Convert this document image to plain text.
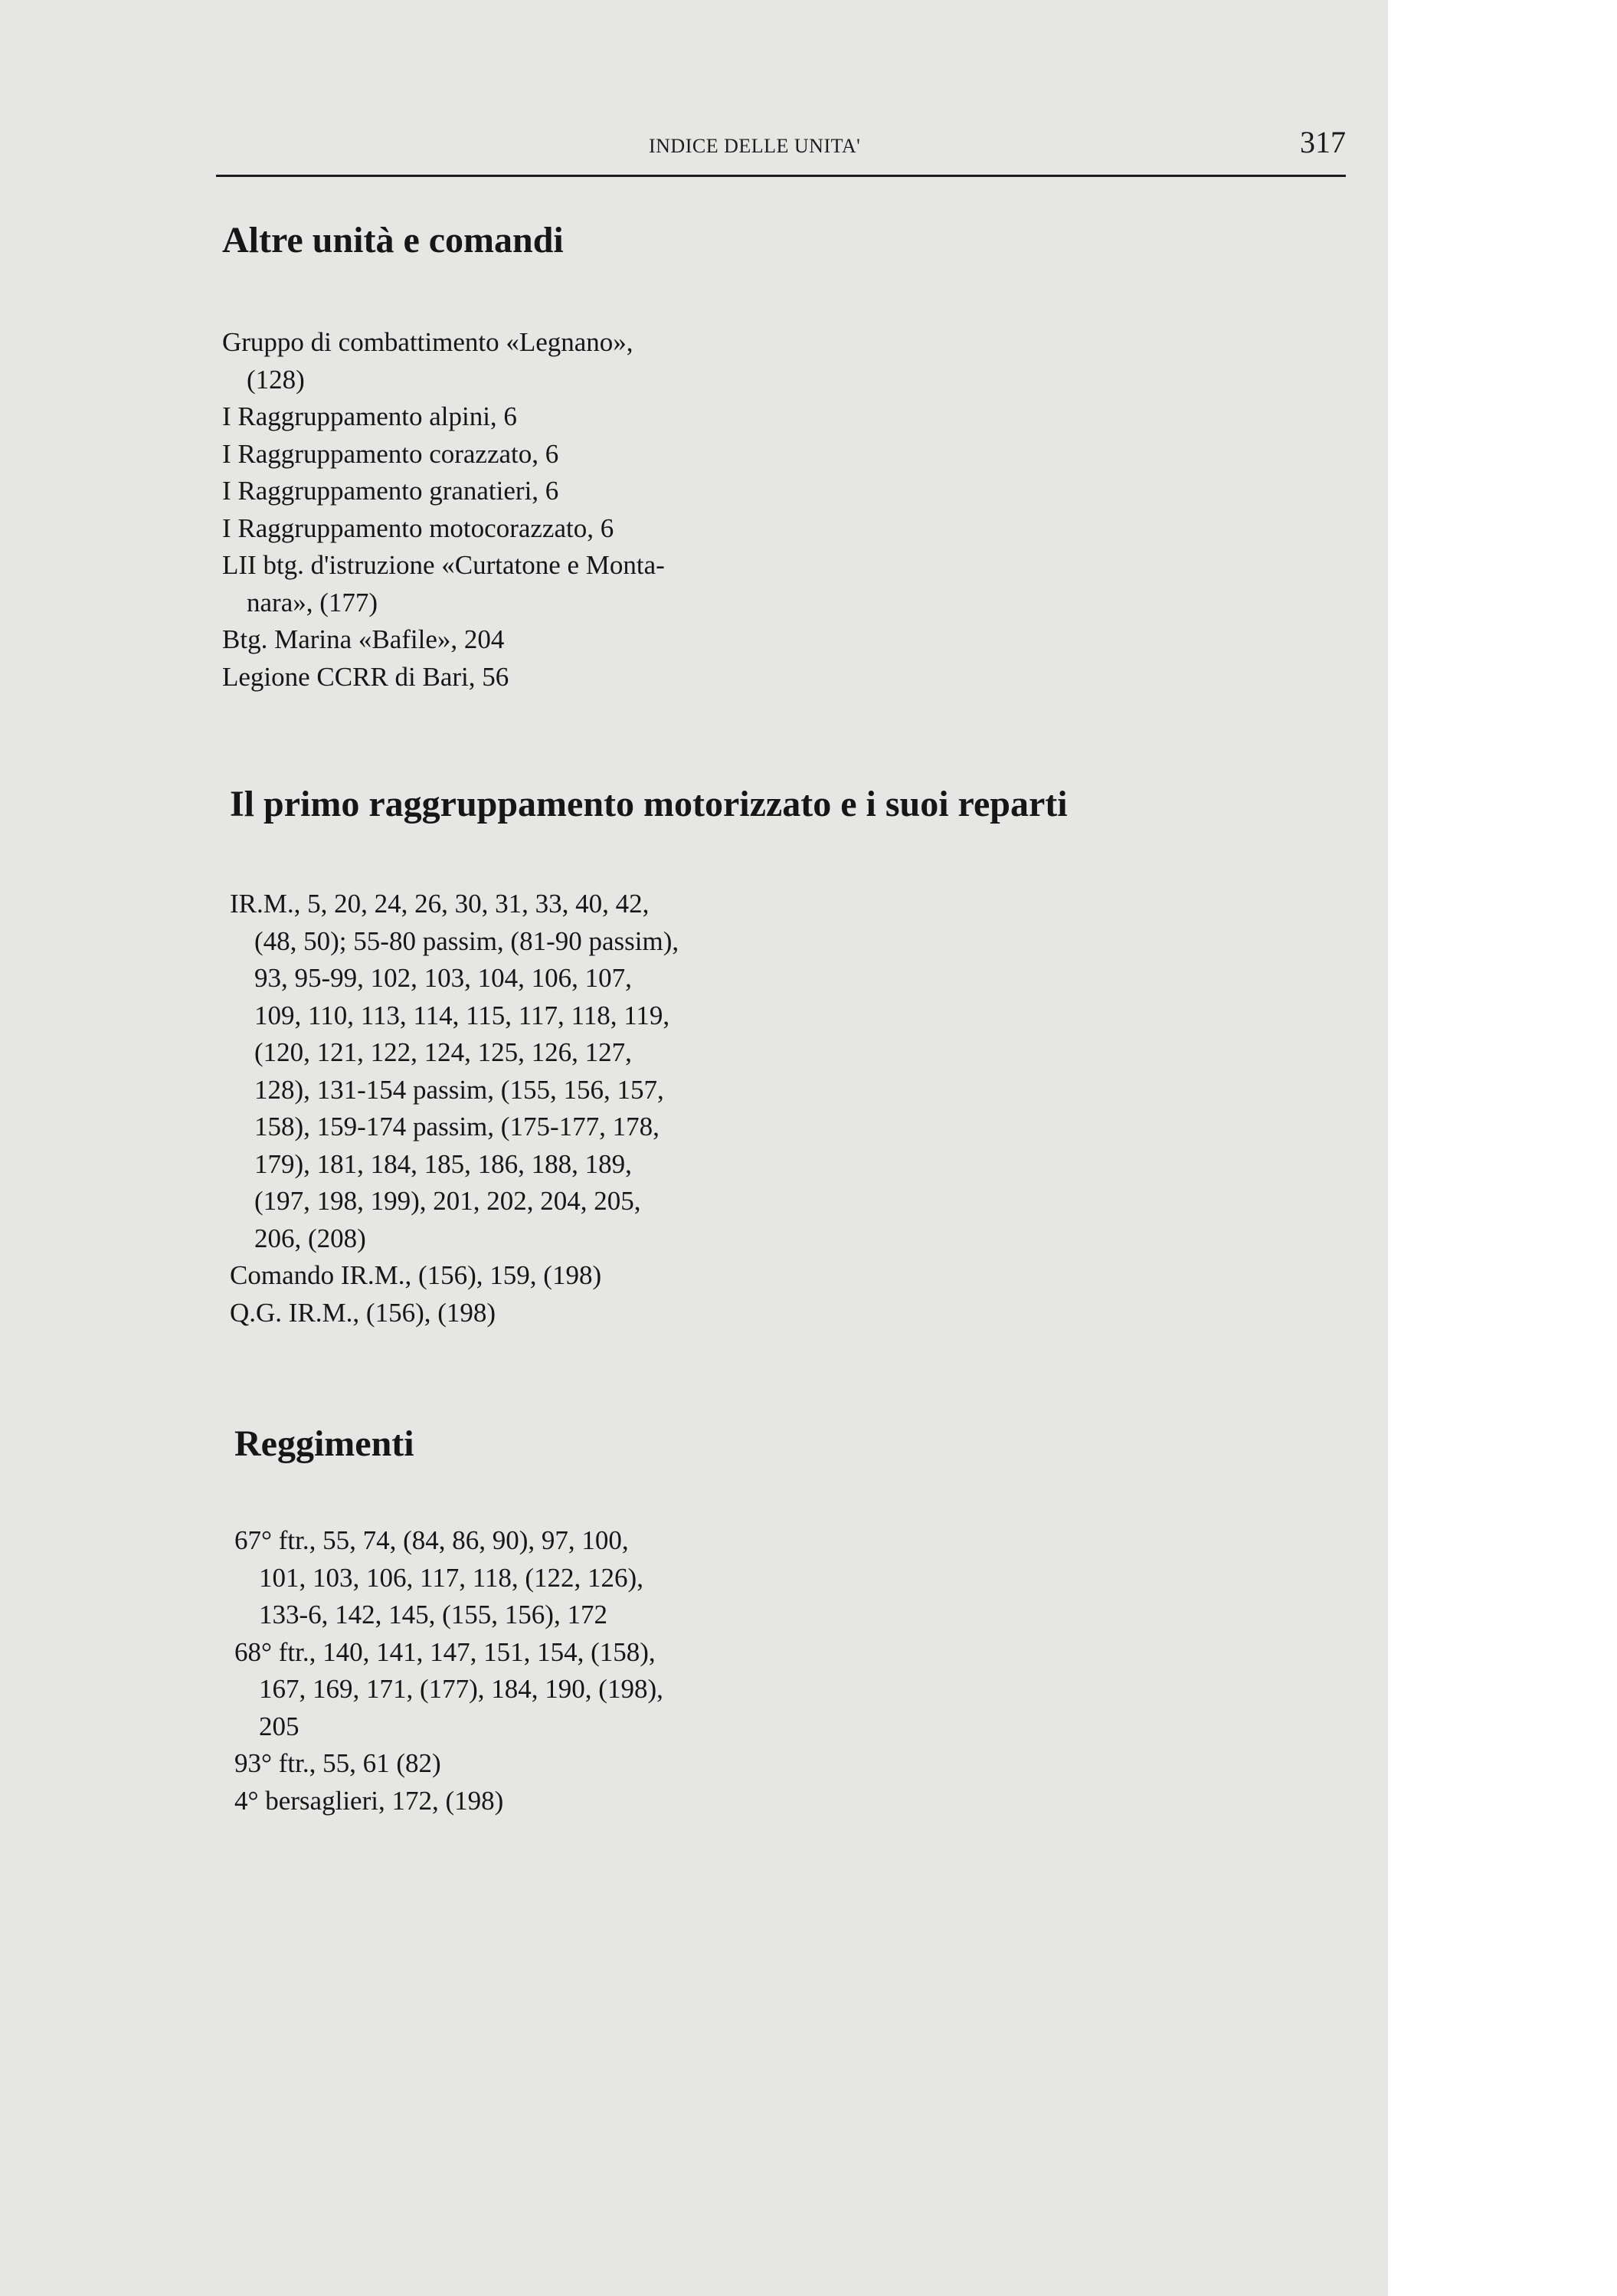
INDICE DELLE UNITA'	317
Altre unità e comandi
Gruppo di combattimento «Legnano»,
(128)
I Raggruppamento alpini, 6
I Raggruppamento corazzato, 6
I Raggruppamento granatieri, 6
I Raggruppamento motocorazzato, 6
LII btg. d'istruzione «Curtatone e Monta-
nara», (177)
Btg. Marina «Bafile», 204
Legione CCRR di Bari, 56
Il primo raggruppamento motorizzato e i suoi reparti
IR.M., 5, 20, 24, 26, 30, 31, 33, 40, 42,
(48, 50); 55-80 passim, (81-90 passim),
93, 95-99, 102, 103, 104, 106, 107,
109, 110, 113, 114, 115, 117, 118, 119,
(120, 121, 122, 124, 125, 126, 127,
128), 131-154 passim, (155, 156, 157,
158), 159-174 passim, (175-177, 178,
179), 181, 184, 185, 186, 188, 189,
(197, 198, 199), 201, 202, 204, 205,
206, (208)
Comando IR.M., (156), 159, (198)
Q.G. IR.M., (156), (198)
Reggimenti
67° ftr., 55, 74, (84, 86, 90), 97, 100,
101, 103, 106, 117, 118, (122, 126),
133-6, 142, 145, (155, 156), 172
68° ftr., 140, 141, 147, 151, 154, (158),
167, 169, 171, (177), 184, 190, (198),
205
93° ftr., 55, 61 (82)
4° bersaglieri, 172, (198)
